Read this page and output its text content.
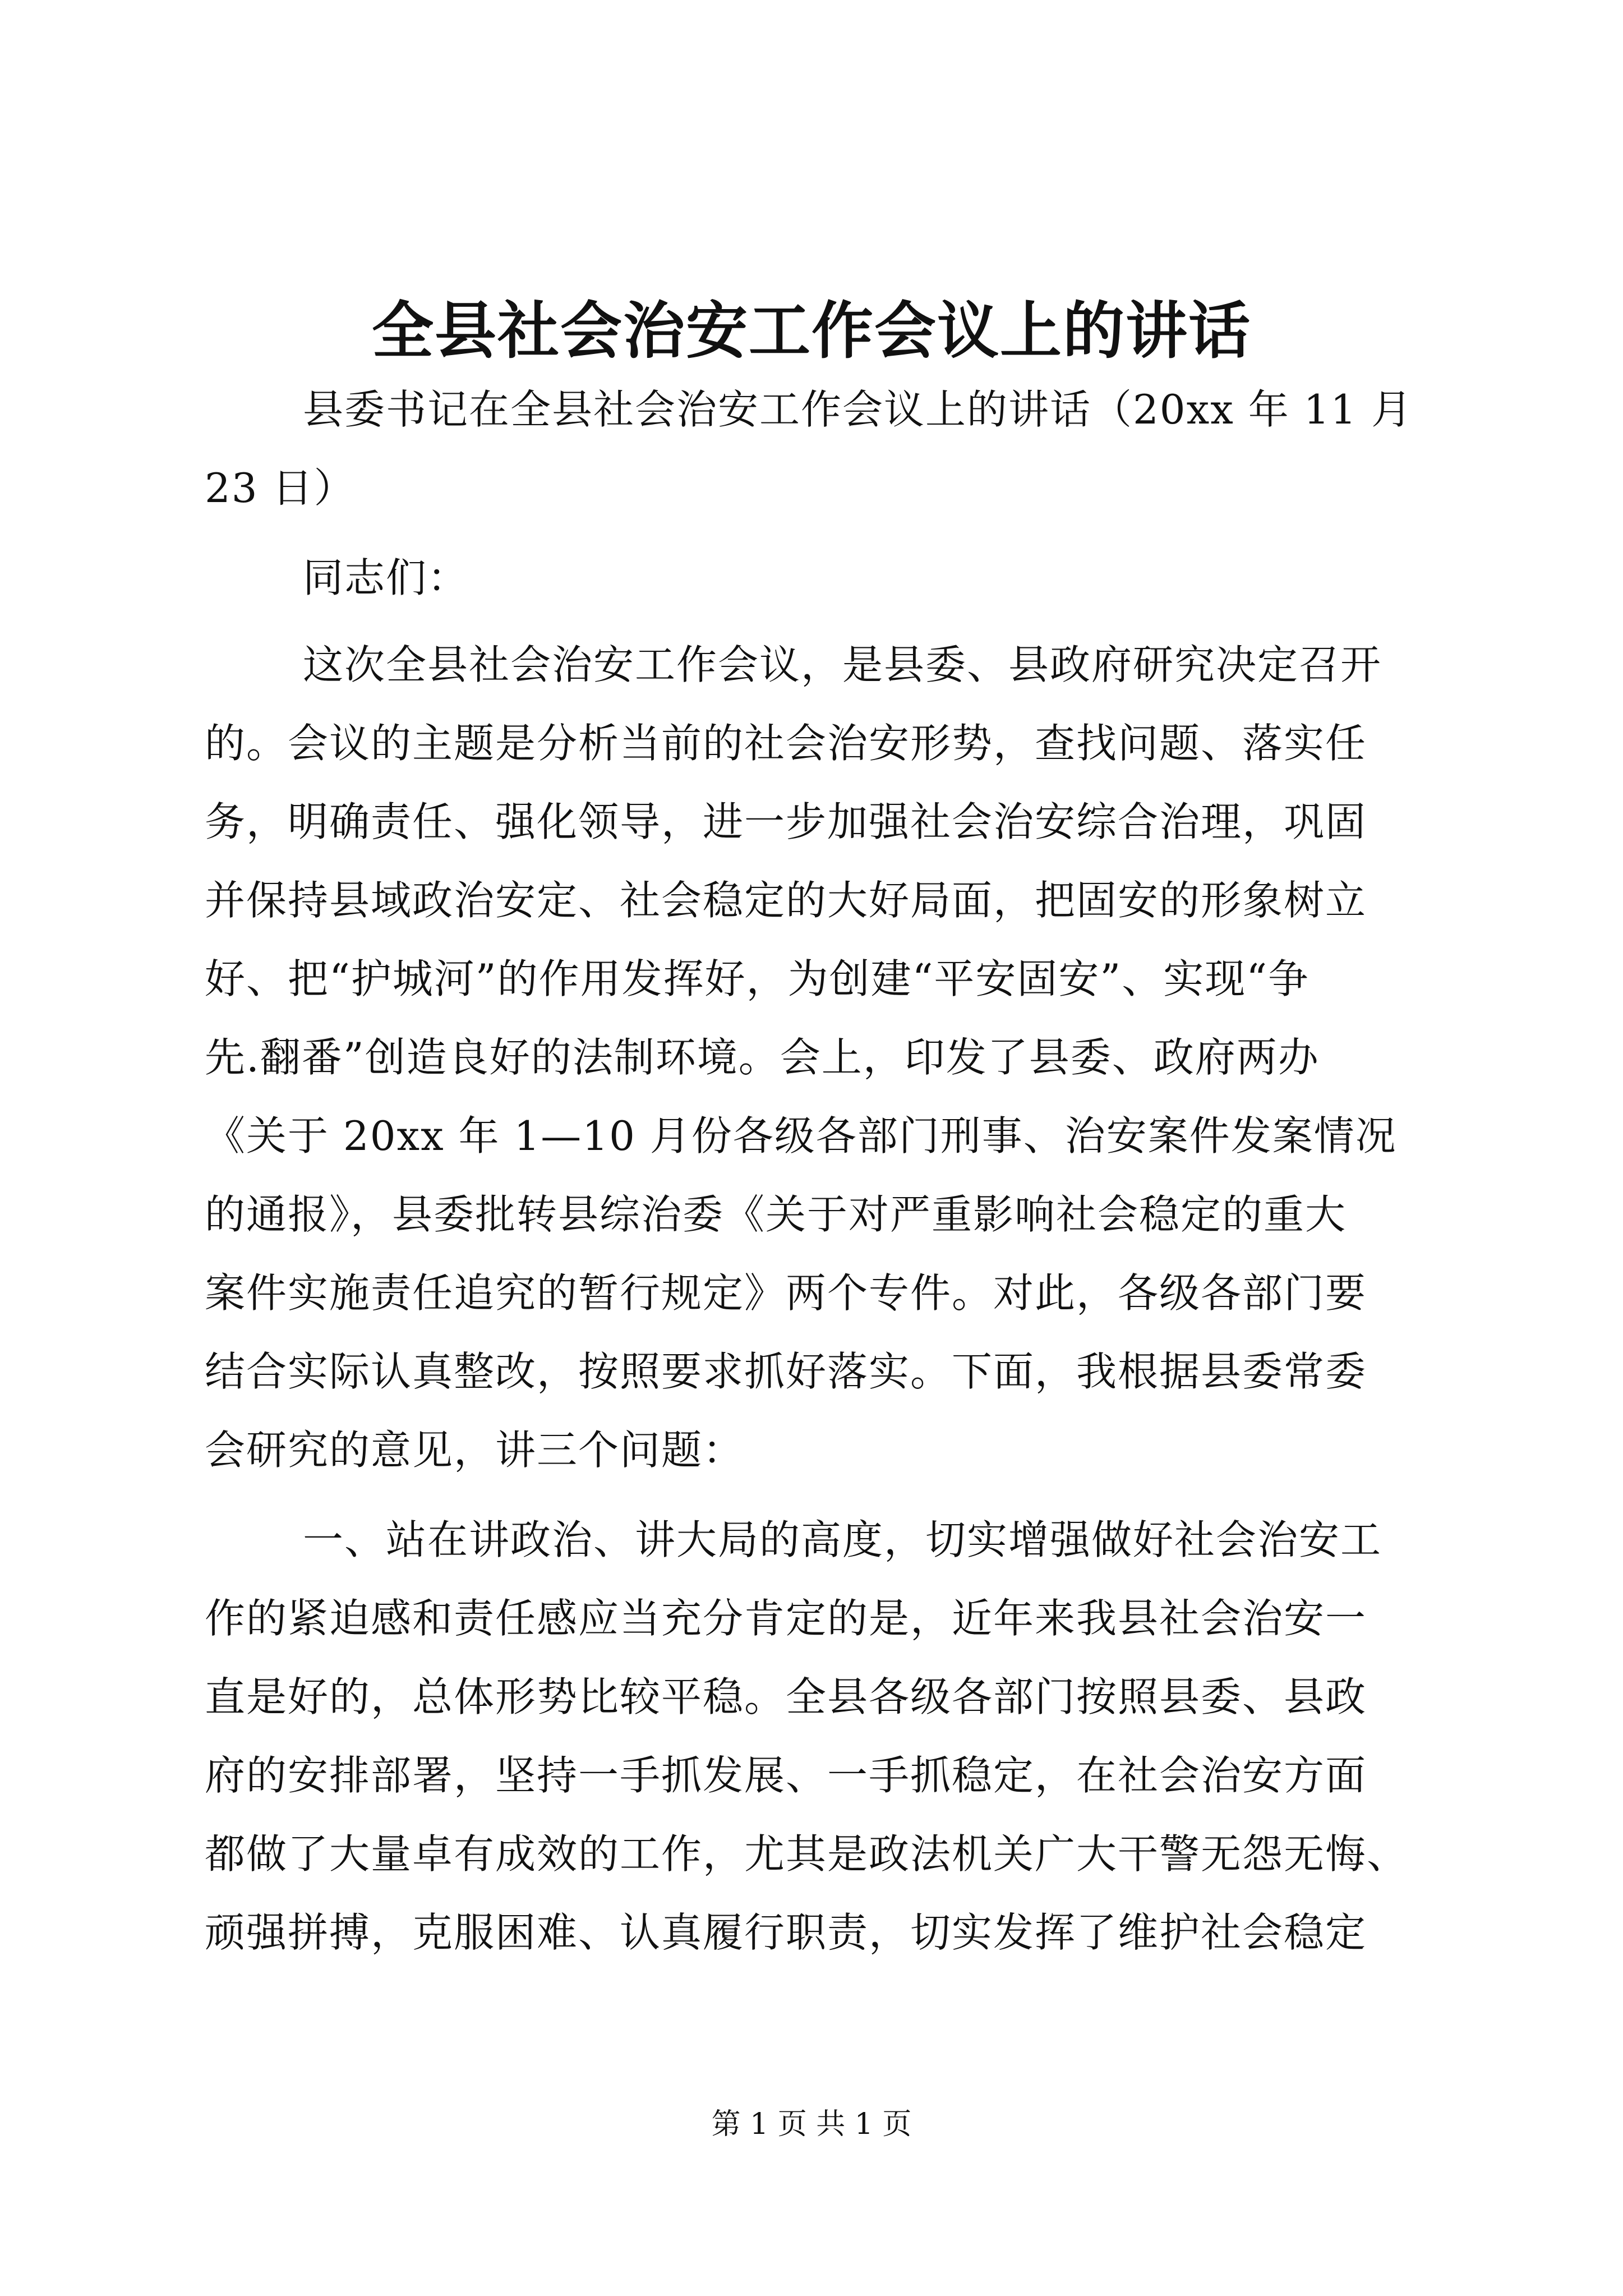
全县社会治安工作会议上的讲话
县委书记在全县社会治安工作会议上的讲话（20xx 年 11 月
23 日）
同志们：
这次全县社会治安工作会议，是县委、县政府研究决定召开
的。会议的主题是分析当前的社会治安形势，查找问题、落实任
务，明确责任、强化领导，进一步加强社会治安综合治理，巩固
并保持县域政治安定、社会稳定的大好局面，把固安的形象树立
好、把“护城河”的作用发挥好，为创建“平安固安”、实现“争
先.翻番”创造良好的法制环境。会上，印发了县委、政府两办
《关于 20xx 年 1—10 月份各级各部门刑事、治安案件发案情况
的通报》，县委批转县综治委《关于对严重影响社会稳定的重大
案件实施责任追究的暂行规定》两个专件。对此，各级各部门要
结合实际认真整改，按照要求抓好落实。下面，我根据县委常委
会研究的意见，讲三个问题：
一、站在讲政治、讲大局的高度，切实增强做好社会治安工
作的紧迫感和责任感应当充分肯定的是，近年来我县社会治安一
直是好的，总体形势比较平稳。全县各级各部门按照县委、县政
府的安排部署，坚持一手抓发展、一手抓稳定，在社会治安方面
都做了大量卓有成效的工作，尤其是政法机关广大干警无怨无悔、
顽强拼搏，克服困难、认真履行职责，切实发挥了维护社会稳定
第 1 页 共 1 页
